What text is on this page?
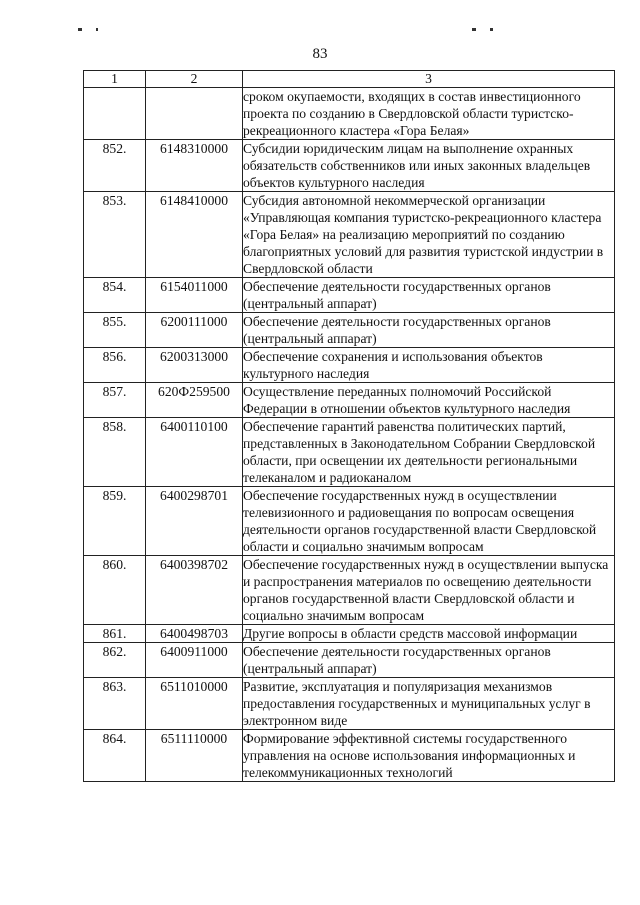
83
1	2	3
		сроком окупаемости, входящих в состав инвестиционного проекта по созданию в Свердловской области туристско-рекреационного кластера «Гора Белая»
852.	6148310000	Субсидии юридическим лицам на выполнение охранных обязательств собственников или иных законных владельцев объектов культурного наследия
853.	6148410000	Субсидия автономной некоммерческой организации «Управляющая компания туристско-рекреационного кластера «Гора Белая» на реализацию мероприятий по созданию благоприятных условий для развития туристской индустрии в Свердловской области
854.	6154011000	Обеспечение деятельности государственных органов (центральный аппарат)
855.	6200111000	Обеспечение деятельности государственных органов (центральный аппарат)
856.	6200313000	Обеспечение сохранения и использования объектов культурного наследия
857.	620Ф259500	Осуществление переданных полномочий Российской Федерации в отношении объектов культурного наследия
858.	6400110100	Обеспечение гарантий равенства политических партий, представленных в Законодательном Собрании Свердловской области, при освещении их деятельности региональными телеканалом и радиоканалом
859.	6400298701	Обеспечение государственных нужд в осуществлении телевизионного и радиовещания по вопросам освещения деятельности органов государственной власти Свердловской области и социально значимым вопросам
860.	6400398702	Обеспечение государственных нужд в осуществлении выпуска и распространения материалов по освещению деятельности органов государственной власти Свердловской области и социально значимым вопросам
861.	6400498703	Другие вопросы в области средств массовой информации
862.	6400911000	Обеспечение деятельности государственных органов (центральный аппарат)
863.	6511010000	Развитие, эксплуатация и популяризация механизмов предоставления государственных и муниципальных услуг в электронном виде
864.	6511110000	Формирование эффективной системы государственного управления на основе использования информационных и телекоммуникационных технологий
